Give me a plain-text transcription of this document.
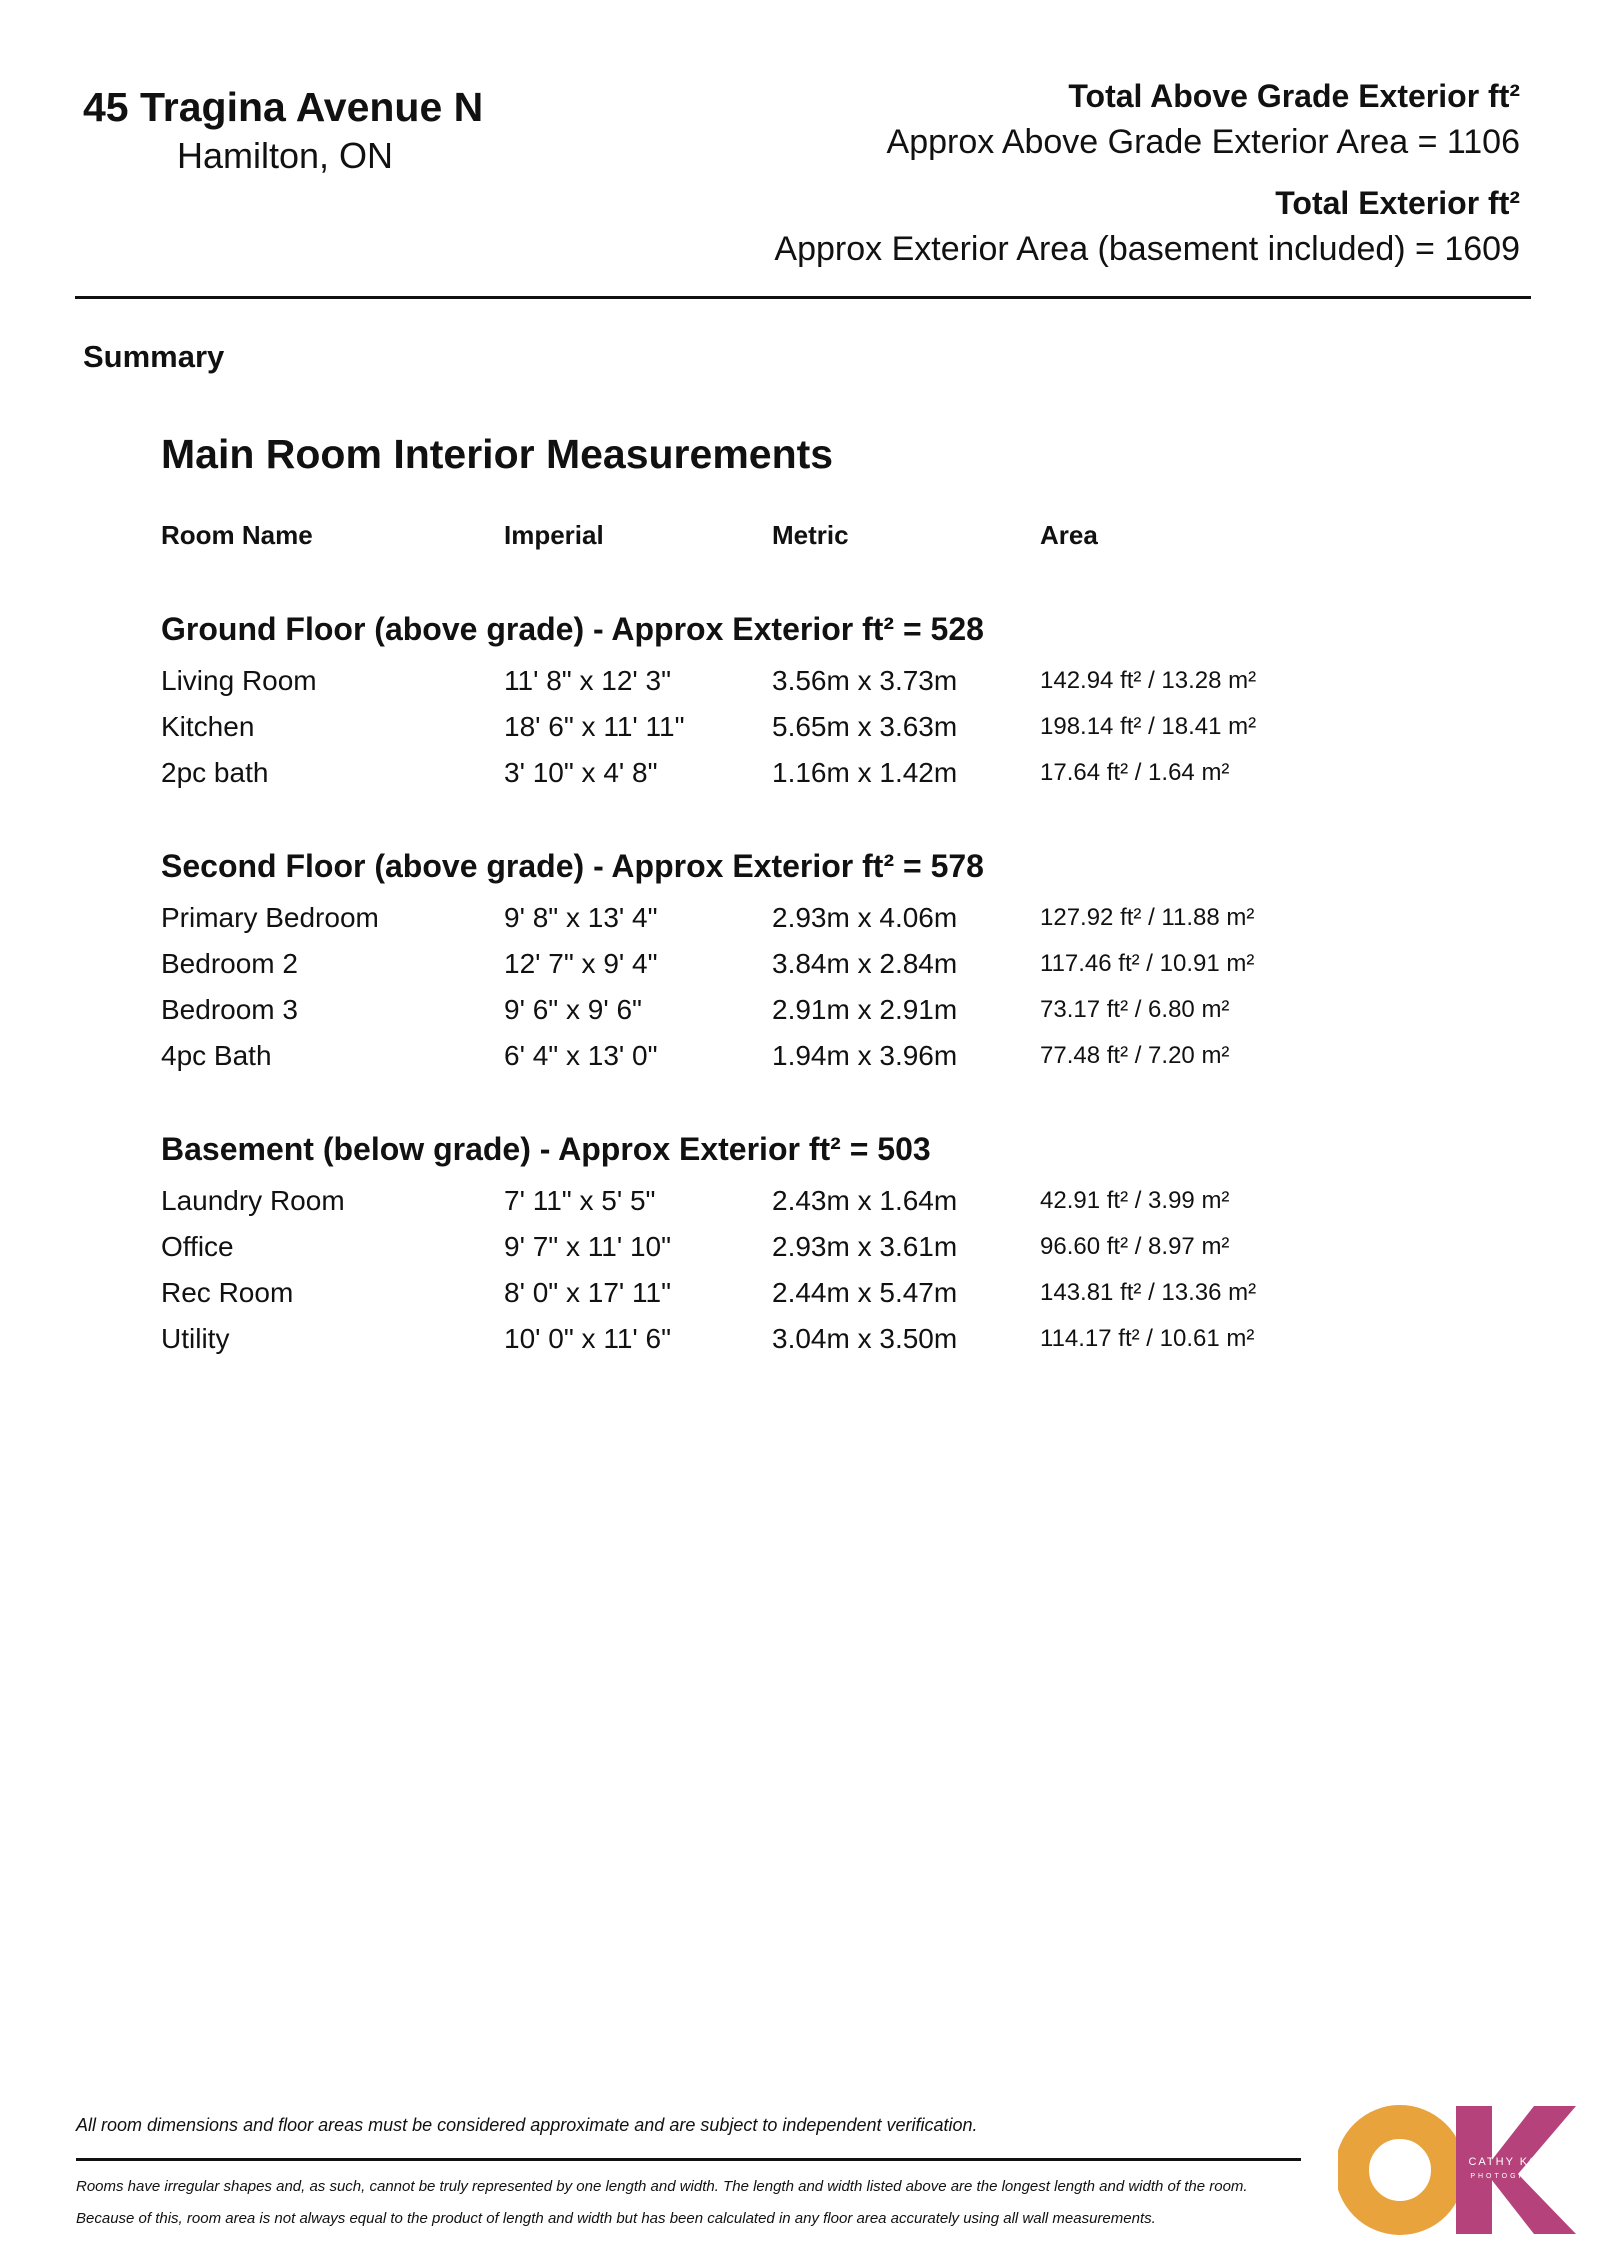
45 Tragina Avenue N
Hamilton, ON
Total Above Grade Exterior ft²
Approx Above Grade Exterior Area = 1106
Total Exterior ft²
Approx Exterior Area (basement included) = 1609
Summary
Main Room Interior Measurements
Room Name	Imperial	Metric	Area
Ground Floor (above grade) - Approx Exterior ft² = 528
Living Room	11' 8" x 12' 3"	3.56m x 3.73m	142.94 ft² / 13.28 m²
Kitchen	18' 6" x 11' 11"	5.65m x 3.63m	198.14 ft² / 18.41 m²
2pc bath	3' 10" x 4' 8"	1.16m x 1.42m	17.64 ft² / 1.64 m²
Second Floor (above grade) - Approx Exterior ft² = 578
Primary Bedroom	9' 8" x 13' 4"	2.93m x 4.06m	127.92 ft² / 11.88 m²
Bedroom 2	12' 7" x 9' 4"	3.84m x 2.84m	117.46 ft² / 10.91 m²
Bedroom 3	9' 6" x 9' 6"	2.91m x 2.91m	73.17 ft² / 6.80 m²
4pc Bath	6' 4" x 13' 0"	1.94m x 3.96m	77.48 ft² / 7.20 m²
Basement (below grade) - Approx Exterior ft² = 503
Laundry Room	7' 11" x 5' 5"	2.43m x 1.64m	42.91 ft² / 3.99 m²
Office	9' 7" x 11' 10"	2.93m x 3.61m	96.60 ft² / 8.97 m²
Rec Room	8' 0" x 17' 11"	2.44m x 5.47m	143.81 ft² / 13.36 m²
Utility	10' 0" x 11' 6"	3.04m x 3.50m	114.17 ft² / 10.61 m²
All room dimensions and floor areas must be considered approximate and are subject to independent verification.
Rooms have irregular shapes and, as such, cannot be truly represented by one length and width. The length and width listed above are the longest length and width of the room.
Because of this, room area is not always equal to the product of length and width but has been calculated in any floor area accurately using all wall measurements.
CATHY KOOP
PHOTOGRAPHY
